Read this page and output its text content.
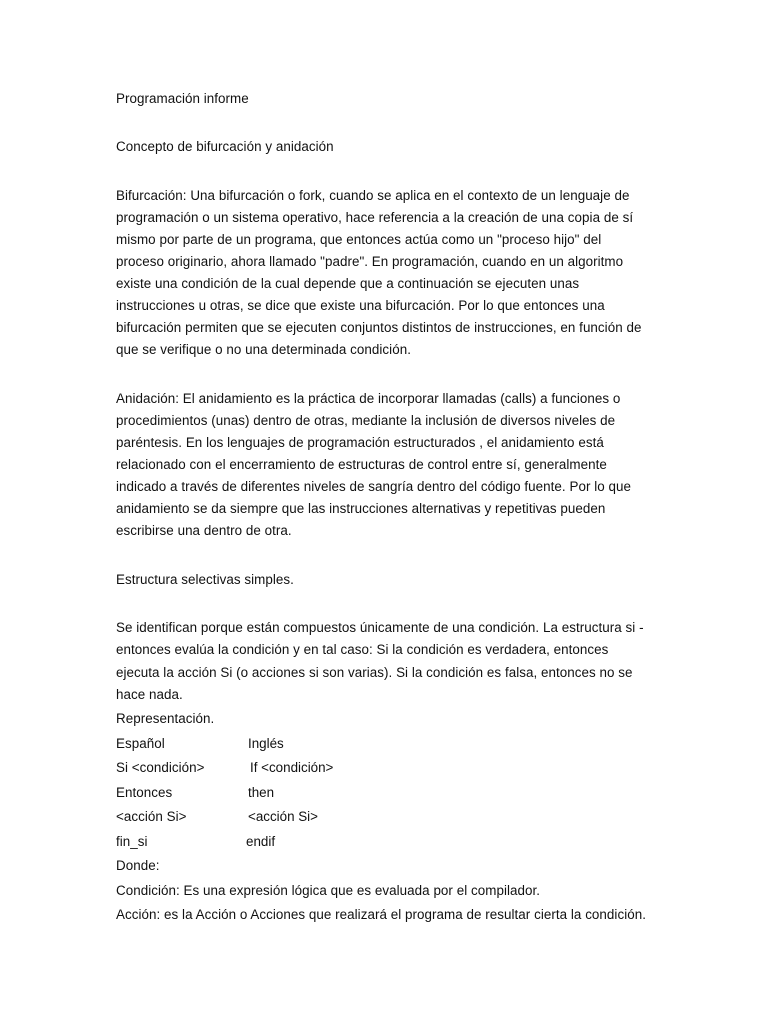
Programación informe

Concepto de bifurcación y anidación

Bifurcación: Una bifurcación o fork, cuando se aplica en el contexto de un lenguaje de

programación o un sistema operativo, hace referencia a la creación de una copia de sí

mismo por parte de un programa, que entonces actúa como un "proceso hijo" del

proceso originario, ahora llamado "padre". En programación, cuando en un algoritmo

existe una condición de la cual depende que a continuación se ejecuten unas

instrucciones u otras, se dice que existe una bifurcación. Por lo que entonces una

bifurcación permiten que se ejecuten conjuntos distintos de instrucciones, en función de

que se verifique o no una determinada condición.

Anidación: El anidamiento es la práctica de incorporar llamadas (calls) a funciones o

procedimientos (unas) dentro de otras, mediante la inclusión de diversos niveles de

paréntesis. En los lenguajes de programación estructurados , el anidamiento está

relacionado con el encerramiento de estructuras de control entre sí, generalmente

indicado a través de diferentes niveles de sangría dentro del código fuente. Por lo que

anidamiento se da siempre que las instrucciones alternativas y repetitivas pueden

escribirse una dentro de otra.

Estructura selectivas simples.

Se identifican porque están compuestos únicamente de una condición. La estructura si -

entonces evalúa la condición y en tal caso: Si la condición es verdadera, entonces

ejecuta la acción Si (o acciones si son varias). Si la condición es falsa, entonces no se

hace nada.

Representación.

Español	Inglés

Si <condición>	If <condición>

Entonces	then

<acción Si>	<acción Si>

fin_si	endif

Donde:

Condición: Es una expresión lógica que es evaluada por el compilador.

Acción: es la Acción o Acciones que realizará el programa de resultar cierta la condición.
